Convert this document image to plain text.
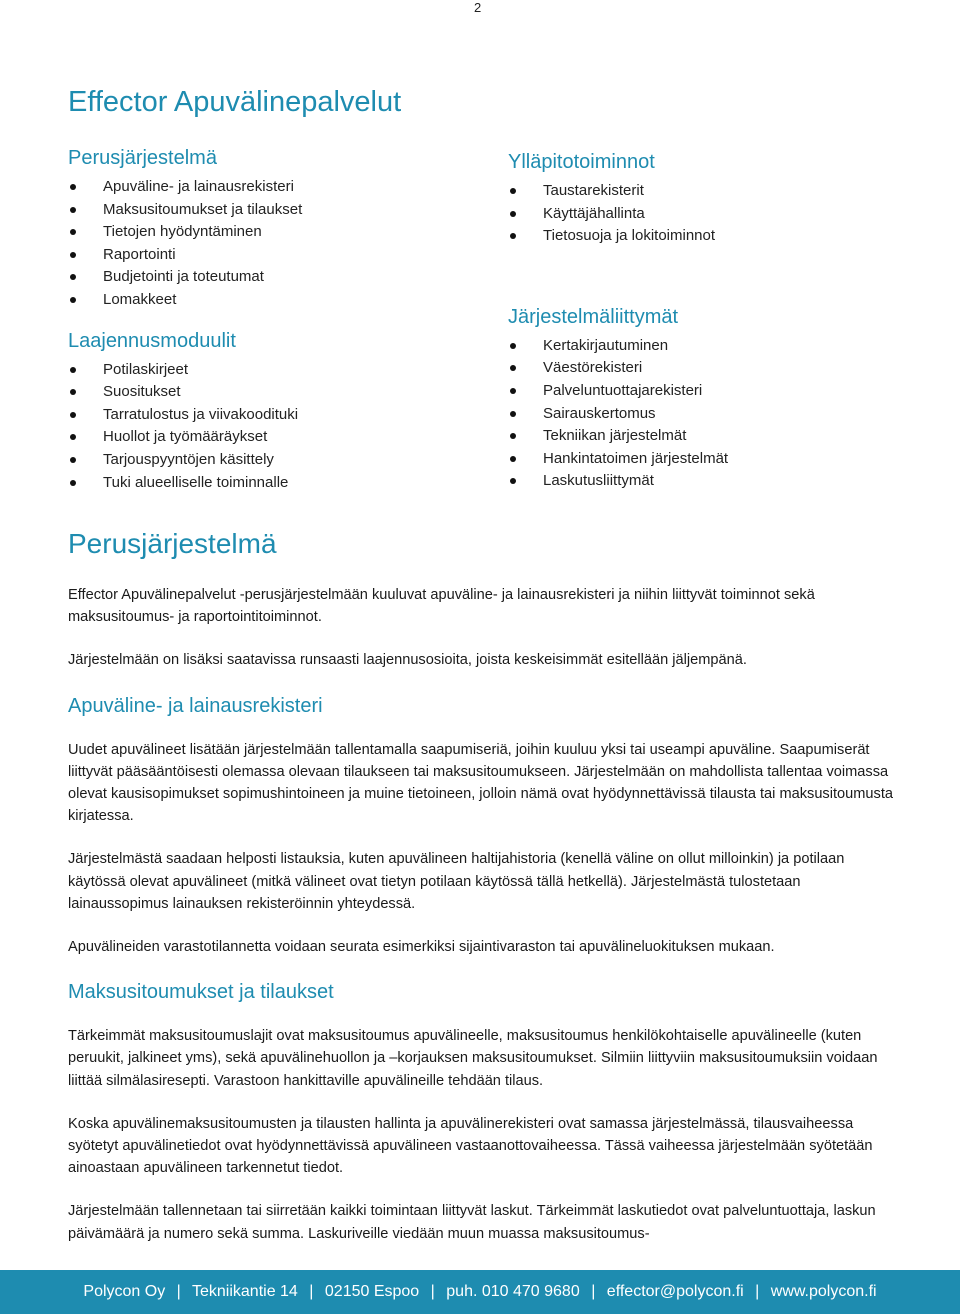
2
Effector Apuvälinepalvelut
Perusjärjestelmä
Apuväline- ja lainausrekisteri
Maksusitoumukset ja tilaukset
Tietojen hyödyntäminen
Raportointi
Budjetointi ja toteutumat
Lomakkeet
Laajennusmoduulit
Potilaskirjeet
Suositukset
Tarratulostus ja viivakoodituki
Huollot ja työmääräykset
Tarjouspyyntöjen käsittely
Tuki alueelliselle toiminnalle
Ylläpitotoiminnot
Taustarekisterit
Käyttäjähallinta
Tietosuoja ja lokitoiminnot
Järjestelmäliittymät
Kertakirjautuminen
Väestörekisteri
Palveluntuottajarekisteri
Sairauskertomus
Tekniikan järjestelmät
Hankintatoimen järjestelmät
Laskutusliittymät
Perusjärjestelmä

Effector Apuvälinepalvelut -perusjärjestelmään kuuluvat apuväline- ja lainausrekisteri ja niihin liittyvät toiminnot sekä maksusitoumus- ja raportointitoiminnot.

Järjestelmään on lisäksi saatavissa runsaasti laajennusosioita, joista keskeisimmät esitellään jäljempänä.

Apuväline- ja lainausrekisteri

Uudet apuvälineet lisätään järjestelmään tallentamalla saapumiseriä, joihin kuuluu yksi tai useampi apuväline. Saapumiserät liittyvät pääsääntöisesti olemassa olevaan tilaukseen tai maksusitoumukseen. Järjestelmään on mahdollista tallentaa voimassa olevat kausisopimukset sopimushintoineen ja muine tietoineen, jolloin nämä ovat hyödynnettävissä tilausta tai maksusitoumusta kirjatessa.

Järjestelmästä saadaan helposti listauksia, kuten apuvälineen haltijahistoria (kenellä väline on ollut milloinkin) ja potilaan käytössä olevat apuvälineet (mitkä välineet ovat tietyn potilaan käytössä tällä hetkellä). Järjestelmästä tulostetaan lainaussopimus lainauksen rekisteröinnin yhteydessä.

Apuvälineiden varastotilannetta voidaan seurata esimerkiksi sijaintivaraston tai apuvälineluokituksen mukaan.

Maksusitoumukset ja tilaukset

Tärkeimmät maksusitoumuslajit ovat maksusitoumus apuvälineelle, maksusitoumus henkilökohtaiselle apuvälineelle (kuten peruukit, jalkineet yms), sekä apuvälinehuollon ja –korjauksen maksusitoumukset. Silmiin liittyviin maksusitoumuksiin voidaan liittää silmälasiresepti. Varastoon hankittaville apuvälineille tehdään tilaus.

Koska apuvälinemaksusitoumusten ja tilausten hallinta ja apuvälinerekisteri ovat samassa järjestelmässä, tilausvaiheessa syötetyt apuvälinetiedot ovat hyödynnettävissä apuvälineen vastaanottovaiheessa. Tässä vaiheessa järjestelmään syötetään ainoastaan apuvälineen tarkennetut tiedot.

Järjestelmään tallennetaan tai siirretään kaikki toimintaan liittyvät laskut. Tärkeimmät laskutiedot ovat palveluntuottaja, laskun päivämäärä ja numero sekä summa. Laskuriveille viedään muun muassa maksusitoumus-

Polycon Oy | Tekniikantie 14 | 02150 Espoo | puh. 010 470 9680 | effector@polycon.fi | www.polycon.fi
